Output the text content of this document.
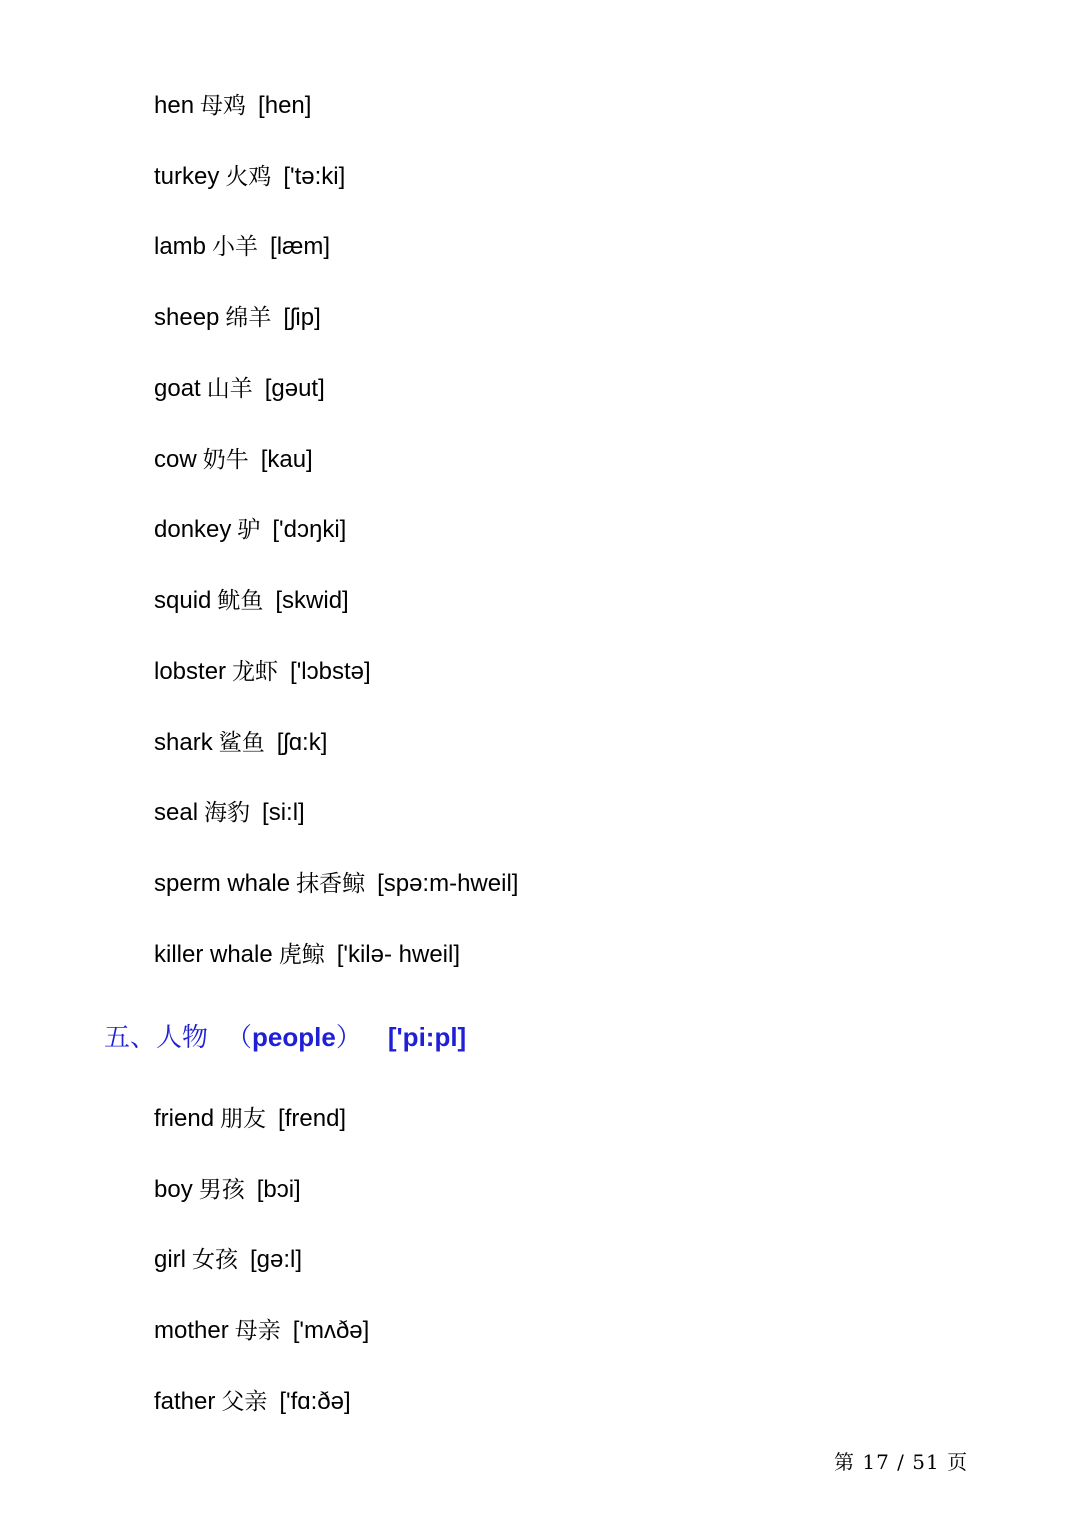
hen 母鸡 [hen]
turkey 火鸡 ['tə:ki]
lamb 小羊 [læm]
sheep 绵羊 [ʃip]
goat 山羊 [ɡəut]
cow 奶牛 [kau]
donkey 驴 ['dɔŋki]
squid 鱿鱼 [skwid]
lobster 龙虾 ['lɔbstə]
shark 鲨鱼 [ʃɑ:k]
seal 海豹 [si:l]
sperm whale 抹香鲸 [spə:m-hweil]
killer whale 虎鲸 ['kilə- hweil]
五、人物 （people） ['pi:pl]
friend 朋友 [frend]
boy 男孩 [bɔi]
girl 女孩 [ɡə:l]
mother 母亲 ['mʌðə]
father 父亲 ['fɑ:ðə]
第 17 / 51 页
